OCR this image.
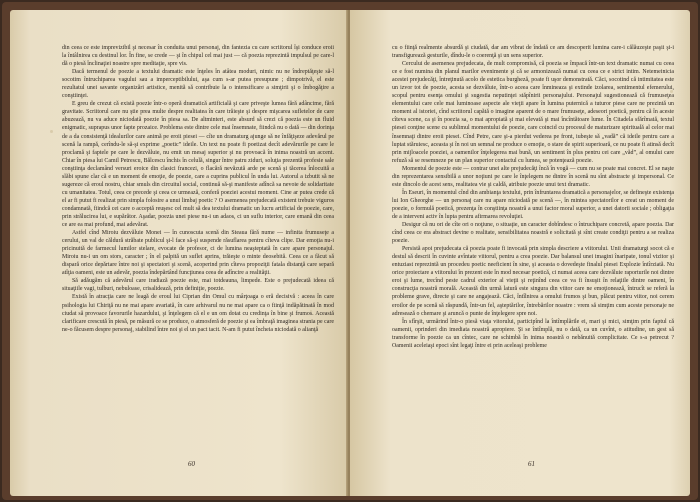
din ceea ce este imprevizibil şi necesar în conduita unui personaj, din fantezia cu care scriitorul îşi conduce eroii la întâlnirea cu destinul lor. În fine, se crede — şi în chipul cel mai just — că poezia reprezintă impulsul pe care-l dă o piesă înclinaţiei noastre spre meditaţie, spre vis.

Dacă termenul de poezie a textului dramatic este înţeles în atâtea moduri, nimic nu ne îndreptăţeşte să-l socotim întruchiparea vagului sau a imperceptibilului, aşa cum s-ar putea presupune ; dimpotrivă, el este rezultatul unei savante organizări artistice, menită să contribuie la o intensificare a simţirii şi o îmbogăţire a conştiinţei.

E greu de crezut că există poezie într-o operă dramatică artificială şi care priveşte lumea fără adâncime, fără gravitate. Scriitorul care nu ştie prea multe despre realitatea în care trăieşte şi despre mişcarea sufletelor de care abuzează, nu va aduce niciodată poezie în piesa sa. De altminteri, este absurd să crezi că poezia este un fluid enigmatic, suprapus unor fapte prozaice. Problema este dintre cele mai însemnate, fiindcă nu o dată — din dorinţa de a da consistenţă idealurilor care animă pe eroii piesei — cîte un dramaturg ajunge să ne înfăţişeze adevărul pe scenă la rampă, cerîndu-le să-şi exprime „poetic” ideile. Un text nu poate fi poetizat decît adevărurile pe care le proclamă şi faptele pe care le dezvăluie, nu emit un mesaj superior şi nu provoacă în inima noastră un accent. Chiar în piesa lui Camil Petrescu, Bălcescu închis în celulă, singur între patru ziduri, soluţia prezentă profesie sale conştiinţa declamând versuri eroice din clasici francezi, o flacără nevăzută arde pe scenă şi tăcerea înlocuită a slăbi spune clar că e un moment de emoţie, de poezie, care a cuprins publicul în unda lui. Autorul a izbutit să ne sugereze că eroul nostru, chiar smuls din circuitul social, continuă să-şi manifeste adîncă sa nevoie de solidaritate cu umanitatea. Totul, ceea ce precede şi ceea ce urmează, conferă poeziei acestui moment. Cine ar putea crede că el ar fi putut fi realizat prin simpla folosire a unui limbaj poetic ? O asemenea prejudecată existent trebuie viguros condamnată, fiindcă cei care o acceptă reuşesc cel mult să dea textului dramatic un lucru artificial de poezie, care, prin strălucirea lui, e supărător. Aşadar, poezia unei piese nu-i un adaos, ci un suflu interior, care emană din ceea ce are ea mai profund, mai adevărat.

Astfel cînd Miroiu dezvăluie Monei — în cunoscuta scenă din Steaua fără nume — infinita frumuseţe a cerului, un val de căldură străbate publicul şi-l face să-şi suspende răsuflarea pentru cîteva clipe. Dar emoţia nu-i pricinuită de farmecul lumilor stelare, evocate de profesor, ci de lumina neaşteptată în care apare personajul. Miroiu nu-i un om stors, caracter ; în el palpită un suflet aprins, trăieşte o minte deosebită. Ceea ce a făcut să dispară orice depărtare între noi şi spectatori şi scenă, acoperind prin cîteva propoziţii fatala distanţă care separă atîţia oameni, este un adevăr, poezia îndepărtând funcţiunea ceea de adîncire a realităţii.

Să adăugăm că adevărul care iradiază poezie este, mai totdeauna, limpede. Este o prejudecată ideea că situaţiile vagi, tulburi, nebuloase, crisalidează, prin definiţie, poezie.

Există în atracţia care ne leagă de eroul lui Ciprian din Omul cu mârţoaga o eră decisivă : aceea în care psihologia lui Chiriţă nu ne mai apare avariată, în care arhivarul nu ne mai apare ca o fiinţă indăpătinată în mod ciudat să provoace favorurile hazardului, şi înţelegem că el e un om dotat cu credinţa în bine şi frumos. Această clarificare crescută în piesă, pe măsură ce se produce, o atmosferă de poezie şi ea îmbraţă imaginea strania pe care ne-o făcusem despre personaj, stabilind între noi şi el un pact tacit. N-am fi putut încheia niciodată o alianţă

60

cu o fiinţă realmente absurdă şi ciudată, dar am vibrat de îndată ce am descoperit lumina care-i călăuzeşte paşii şi-i transfigurează gesturile, dîndu-le o coerenţă şi un sens superior.

Cercului de asemenea prejudecata, de mult compromisă, că poezia se împacă într-un text dramatic numai cu ceea ce e fost numina din planul marilor evenimente şi că se armonizează numai cu ceea ce e strict intim. Netemeinicia acestei prejudecăţi, întreţinută acolo de estetica burgheză, poate fi uşor demonstrată. Căci, socotind că intimitatea este un izvor tot de poezie, acesta se dezvăluie, într-o aceea care înmineaza şi extinde izolarea, sentimentul efemerului, scopul pentru esenţa omului şi sugestia neputinţei stăpînirii personajului. Personajul sugestionează că frumuseţea elementului care cele mai luminoase aspecte ale vieţii apare în lumina puternică a tuturor piese care ne prezintă un moment al istoriei, cînd scriitorul capătă o imagine aparent de o mare frumuseţe, adeseori poetică, pentru că în aceste cîteva scene, ca şi în poezia sa, o mai apropiată şi mai elevată şi mai încîntătoare lume. În Citadela sfărîmată, textul piesei conţine scene cu sublimul momentului de poezie, care coincid cu procesul de maturizare spirituală al celor mai însemnaţi dintre eroii piesei. Cînd Petre, care şi-a pierdut vederea pe front, iubeşte să „vadă” că ideile pentru care a luptat stăruiesc, aceasta şi în noi un semnal ne produce o emoţie, o stare de spirit superioară, ce nu poate fi atinsă decît prin mijloacele poeziei, a oamenilor înţelegerea mai bună, un sentiment în plus pentru cei care „văd”, al omului care refuză să se resemneze pe un plan superior contactul cu lumea, se potenţează poezie.

Momentul de poezie este — contrar unei alte prejudecăţi încă în vogă — cum nu se poate mai concret. El se naşte din reprezentarea sensibilă a unor noţiuni pe care le înţelegem ne dintre în scenă nu sînt abstracte şi impersonal. Ce este dincolo de acest sens, realitatea vie şi caldă, atribuie poezie unui text dramatic.

În Eseuri, în momentul cînd din ambianţa textului, prin înfruntarea dramatică a personajelor, se defineşte existenţa lui Ion Gheorghe — un personaj care nu apare niciodată pe scenă —, în mintea spectatorilor e creat un moment de poezie, o formulă poetică, prezenţa în conştiinţa noastră a unui factor moral superior, a unei datorii sociale ; obligaţia de a interveni activ în lupta pentru afirmarea revoluţiei.

Desigur că nu ori de cîte ori o noţiune, o situaţie, un caracter dobîndesc o întruchipare concretă, apare poezia. Dar cînd ceea ce era abstract devine o realitate, sensibilitatea noastră e solicitată şi sînt create condiţii pentru a se realiza poezie.

Persistă apoi prejudecata că poezia poate fi invocată prin simpla descriere a viitorului. Unii dramaturgi socot că e destul să descrii în cuvinte avîntate viitorul, pentru a crea poezie. Dar balansul unei imagini înaripate, tonul vizitor şi entuziast reprezintă un procedeu poetic neeficient în sine, şi aceasta o dovedeşte finalul piesei Explozie întîrziată. Nu orice proiectare a viitorului în prezent este în mod necesar poetică, ci numai aceea care dezvăluie raporturile noi dintre eroi şi lume, trecînd peste cadrul exterior al vieţii şi reţinînd ceea ce va fi însuşit în relaţiile dintre oameni, în construcţia noastră morală. Această din urmă latură este singura din viitor care ne emoţionează, întrucît se referă la probleme grave, directe şi care ne angajează. Căci, întîlnirea a omului frumos şi bun, plăcut pentru viitor, noi cerem eroilor de pe scenă să răspundă, într-un fel, aşteptărilor, întrebărilor noastre : vrem să simţim cum aceste personaje ne adresează o chemare şi aruncă o punte de înţelegere spre noi.

În sfîrşit, urmărind într-o piesă viaţa vitorului, participînd la întîmplările ei, mari şi mici, simţim prin faptul că oamenii, oprinderi din imediata noastră apropiere. Şi se întîmplă, nu o dată, ca un cuvînt, o atitudine, un gest să transforme în poezie ca un cîntec, care ne schimbă în inima noastră o nebănuită complicitate. Ce s-a petrecut ? Oamenii aceleiaşi epoci sînt legaţi între ei prin aceleaşi probleme

61
